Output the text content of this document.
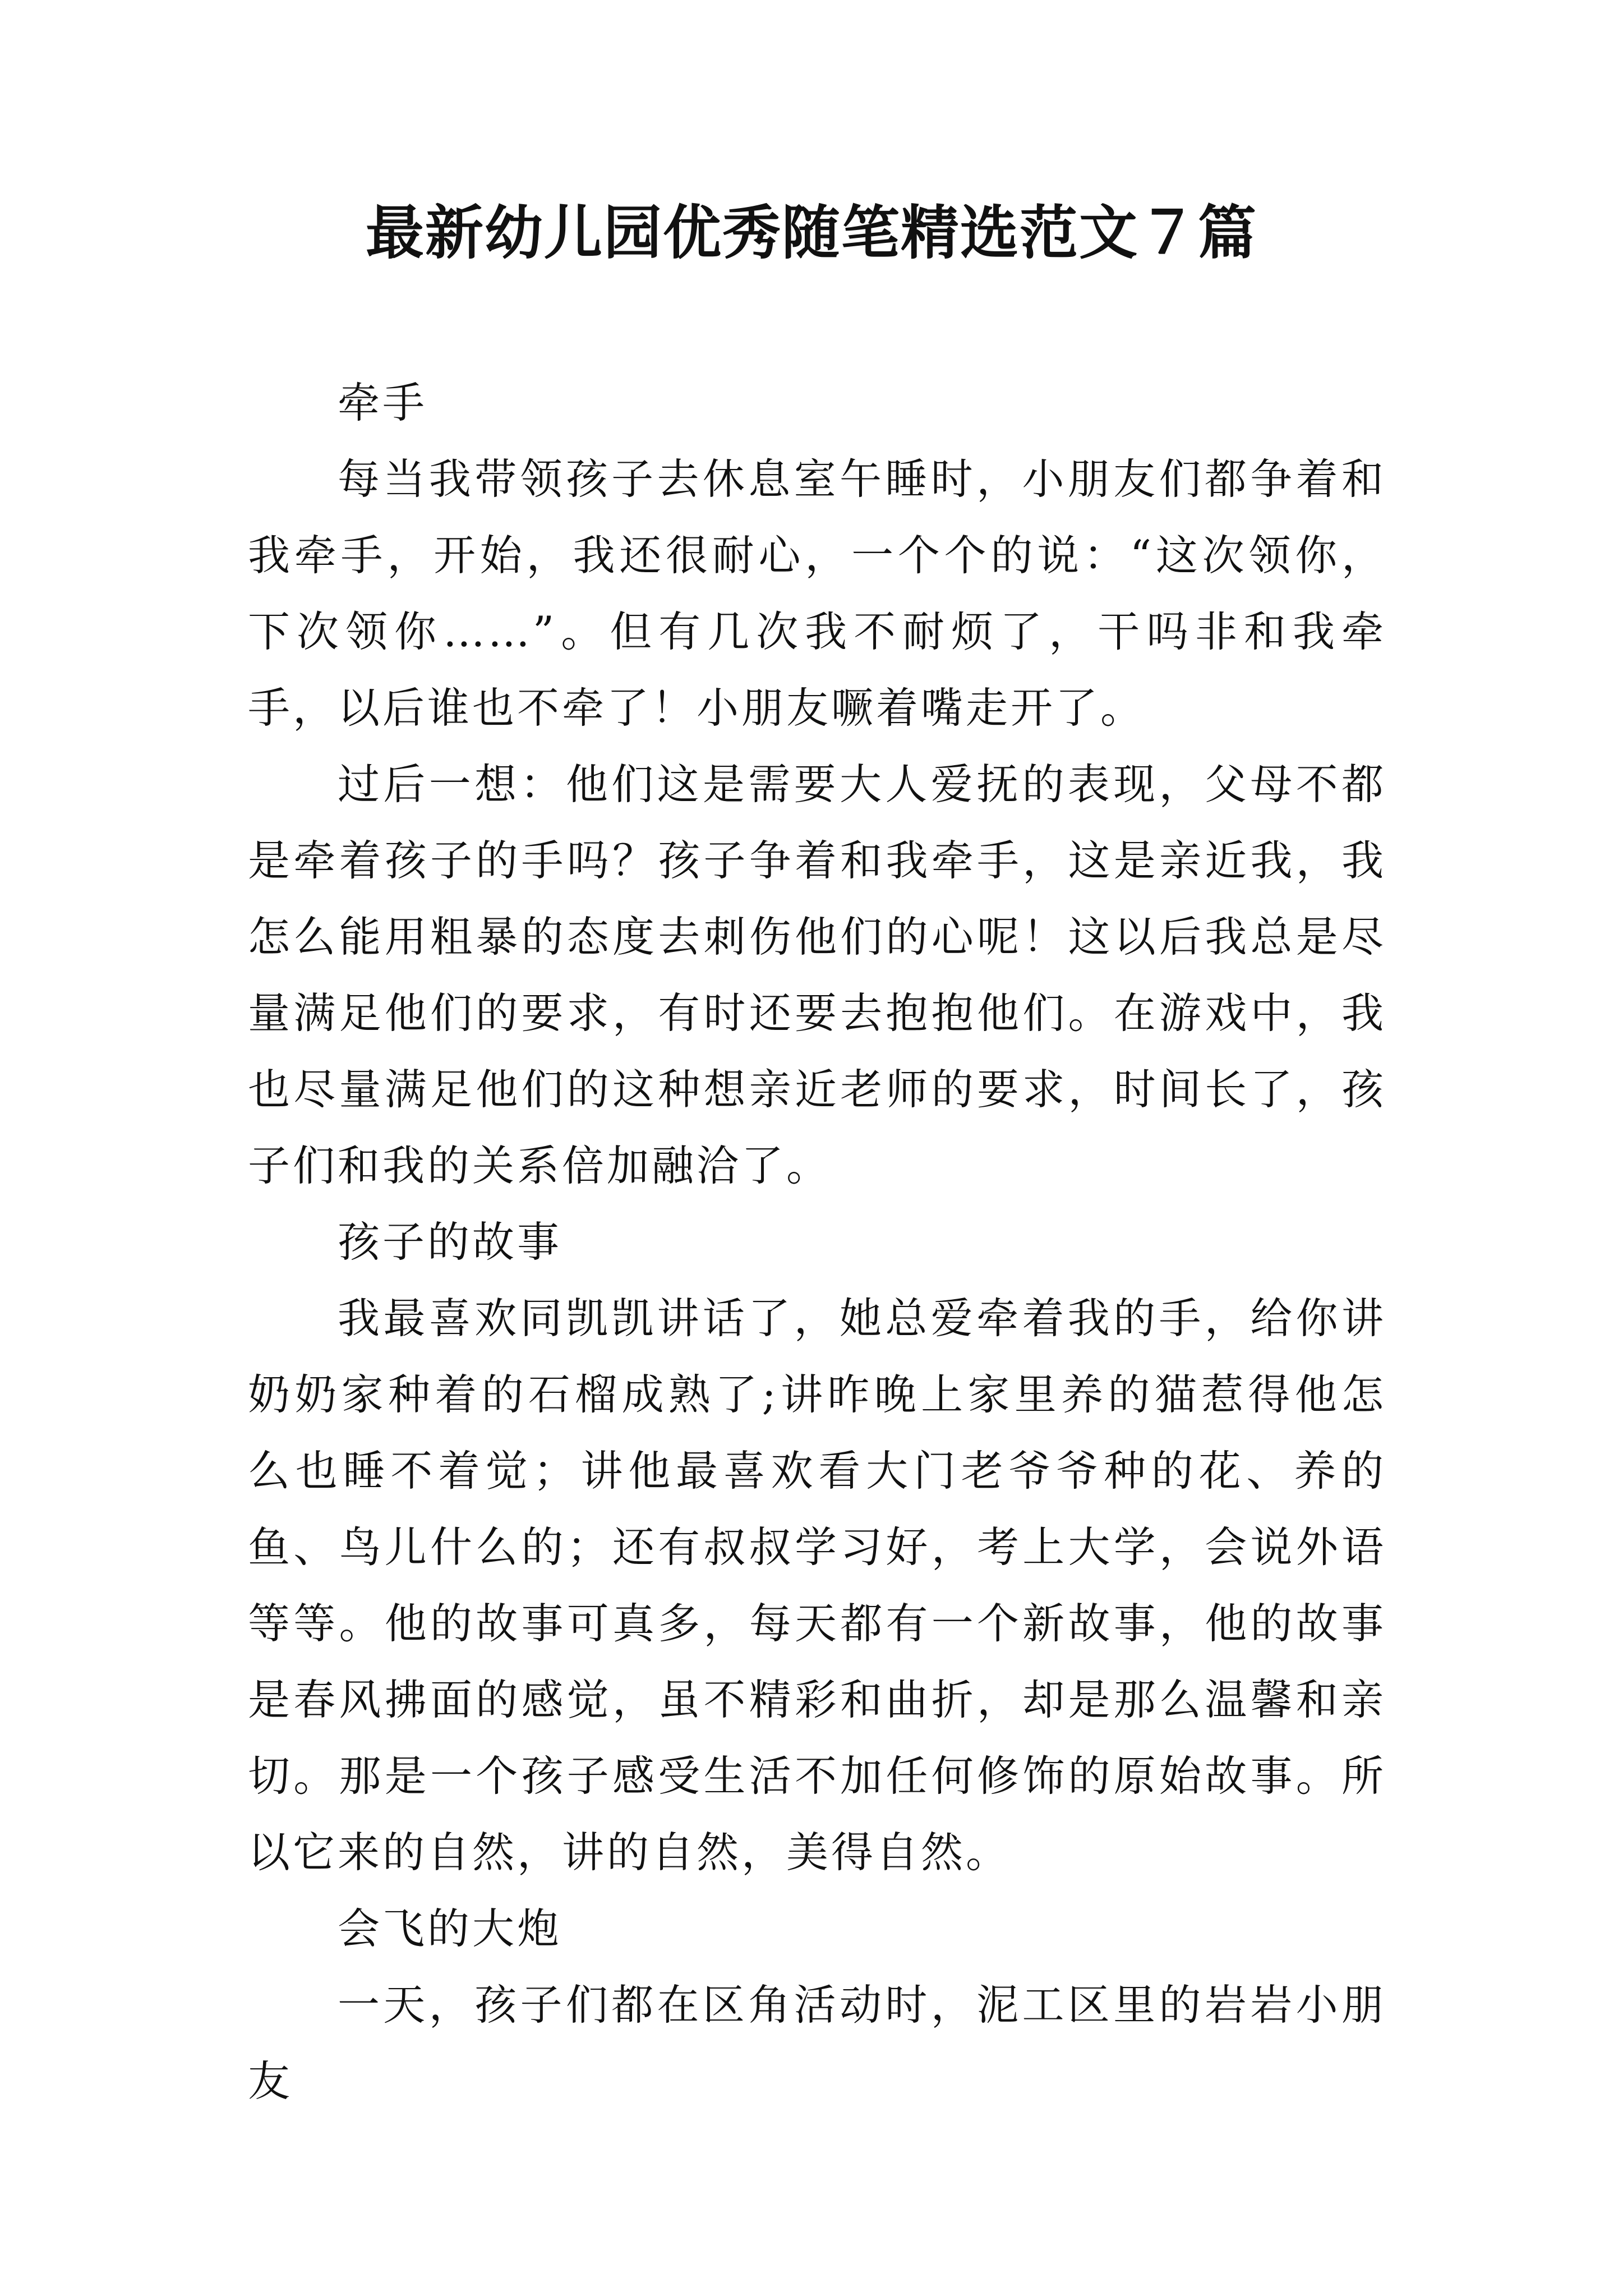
最新幼儿园优秀随笔精选范文７篇

牵手

每当我带领孩子去休息室午睡时，小朋友们都争着和我牵手，开始，我还很耐心，一个个的说：“这次领你，下次领你……”。但有几次我不耐烦了，干吗非和我牵手，以后谁也不牵了！小朋友噘着嘴走开了。

过后一想：他们这是需要大人爱抚的表现，父母不都是牵着孩子的手吗？孩子争着和我牵手，这是亲近我，我怎么能用粗暴的态度去刺伤他们的心呢！这以后我总是尽量满足他们的要求，有时还要去抱抱他们。在游戏中，我也尽量满足他们的这种想亲近老师的要求，时间长了，孩子们和我的关系倍加融洽了。

孩子的故事

我最喜欢同凯凯讲话了，她总爱牵着我的手，给你讲奶奶家种着的石榴成熟了;讲昨晚上家里养的猫惹得他怎么也睡不着觉；讲他最喜欢看大门老爷爷种的花、养的鱼、鸟儿什么的；还有叔叔学习好，考上大学，会说外语等等。他的故事可真多，每天都有一个新故事，他的故事是春风拂面的感觉，虽不精彩和曲折，却是那么温馨和亲切。那是一个孩子感受生活不加任何修饰的原始故事。所以它来的自然，讲的自然，美得自然。

会飞的大炮

一天，孩子们都在区角活动时，泥工区里的岩岩小朋友
